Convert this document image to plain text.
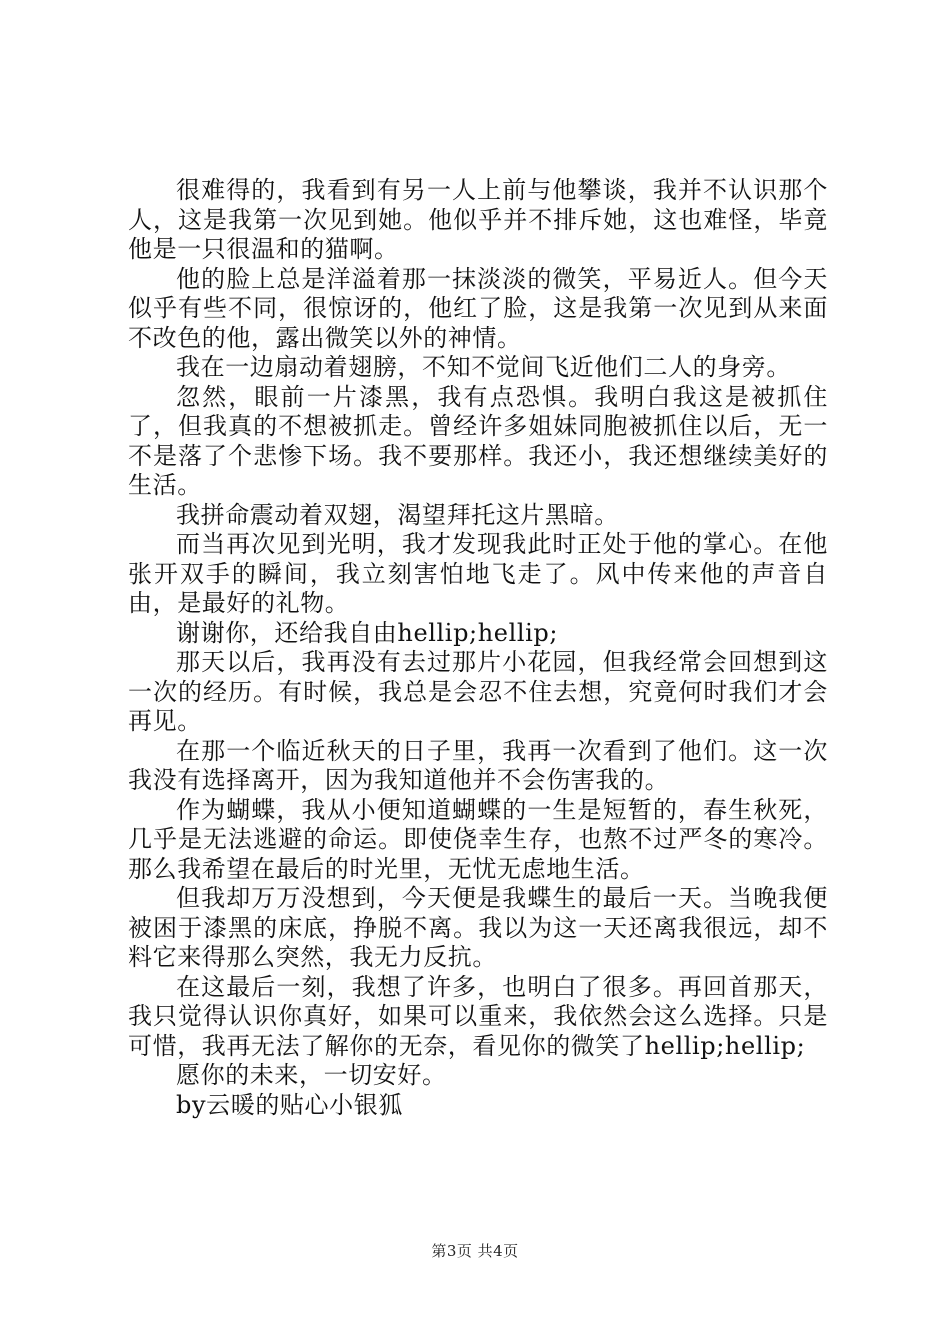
很难得的，我看到有另一人上前与他攀谈，我并不认识那个人，这是我第一次见到她。他似乎并不排斥她，这也难怪，毕竟他是一只很温和的猫啊。

他的脸上总是洋溢着那一抹淡淡的微笑，平易近人。但今天似乎有些不同，很惊讶的，他红了脸，这是我第一次见到从来面不改色的他，露出微笑以外的神情。

我在一边扇动着翅膀，不知不觉间飞近他们二人的身旁。

忽然，眼前一片漆黑，我有点恐惧。我明白我这是被抓住了，但我真的不想被抓走。曾经许多姐妹同胞被抓住以后，无一不是落了个悲惨下场。我不要那样。我还小，我还想继续美好的生活。

我拼命震动着双翅，渴望拜托这片黑暗。

而当再次见到光明，我才发现我此时正处于他的掌心。在他张开双手的瞬间，我立刻害怕地飞走了。风中传来他的声音自由，是最好的礼物。

谢谢你，还给我自由hellip;hellip;

那天以后，我再没有去过那片小花园，但我经常会回想到这一次的经历。有时候，我总是会忍不住去想，究竟何时我们才会再见。

在那一个临近秋天的日子里，我再一次看到了他们。这一次我没有选择离开，因为我知道他并不会伤害我的。

作为蝴蝶，我从小便知道蝴蝶的一生是短暂的，春生秋死，几乎是无法逃避的命运。即使侥幸生存，也熬不过严冬的寒冷。那么我希望在最后的时光里，无忧无虑地生活。

但我却万万没想到，今天便是我蝶生的最后一天。当晚我便被困于漆黑的床底，挣脱不离。我以为这一天还离我很远，却不料它来得那么突然，我无力反抗。

在这最后一刻，我想了许多，也明白了很多。再回首那天，我只觉得认识你真好，如果可以重来，我依然会这么选择。只是可惜，我再无法了解你的无奈，看见你的微笑了hellip;hellip;

愿你的未来，一切安好。

by云暖的贴心小银狐

第3页 共4页
